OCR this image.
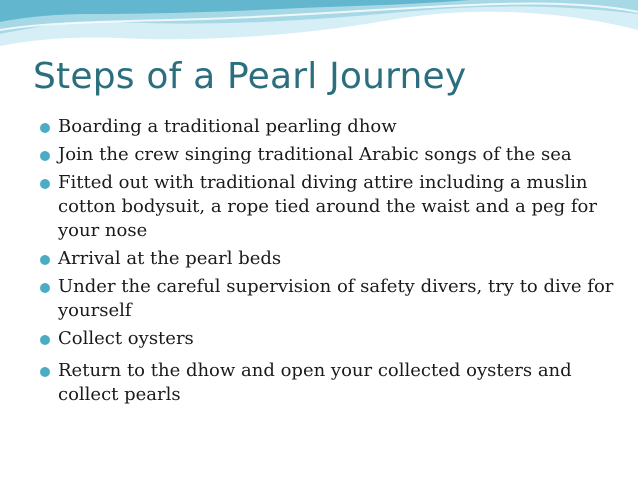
Steps of a Pearl Journey
Boarding a traditional pearling dhow
Join the crew singing traditional Arabic songs of the sea
Fitted out with traditional diving attire including a muslin cotton bodysuit, a rope tied around the waist and a peg for your nose
Arrival at the pearl beds
Under the careful supervision of safety divers, try to dive for yourself
Collect oysters
Return to the dhow and open your collected oysters and collect pearls
